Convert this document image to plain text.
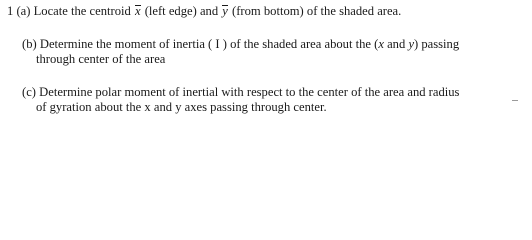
1 (a) Locate the centroid x (left edge) and y (from bottom) of the shaded area.
(b) Determine the moment of inertia ( I ) of the shaded area about the (x and y) passing
through center of the area
(c) Determine polar moment of inertial with respect to the center of the area and radius
of gyration about the x and y axes passing through center.
